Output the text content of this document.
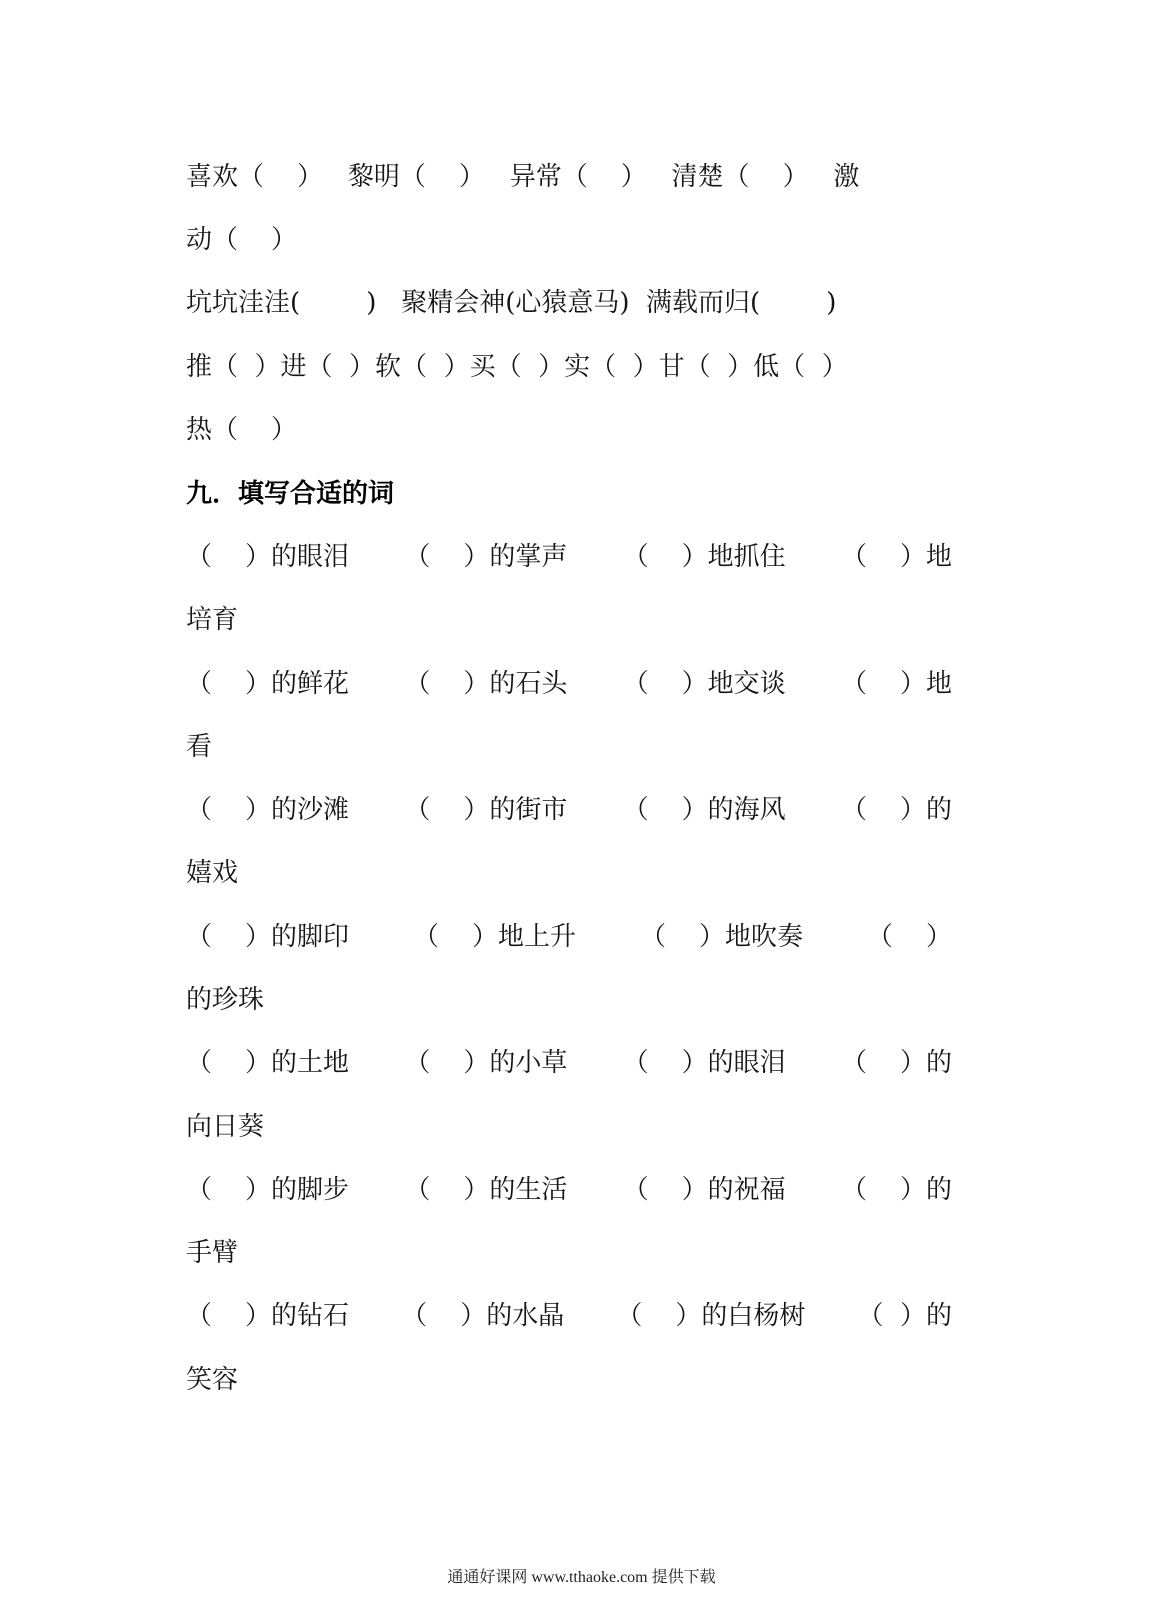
喜欢（    ）   黎明（    ）   异常（    ）   清楚（    ）   激
动（    ）
坑坑洼洼(        )   聚精会神(心猿意马)  满载而归(        )
推（  ）进（  ）软（  ）买（  ）实（  ）甘（  ）低（  ）
热（    ）
九．填写合适的词
（    ）的眼泪 （    ）的掌声 （    ）地抓住 （    ）地
培育
（    ）的鲜花 （    ）的石头 （    ）地交谈 （    ）地
看
（    ）的沙滩 （    ）的街市 （    ）的海风 （    ）的
嬉戏
（    ）的脚印 （    ）地上升 （    ）地吹奏 （    ）
的珍珠
（    ）的土地 （    ）的小草 （    ）的眼泪 （    ）的
向日葵
（    ）的脚步 （    ）的生活 （    ）的祝福 （    ）的
手臂
（    ）的钻石 （    ）的水晶 （    ）的白杨树 （  ）的
笑容
通通好课网 www.tthaoke.com 提供下载
